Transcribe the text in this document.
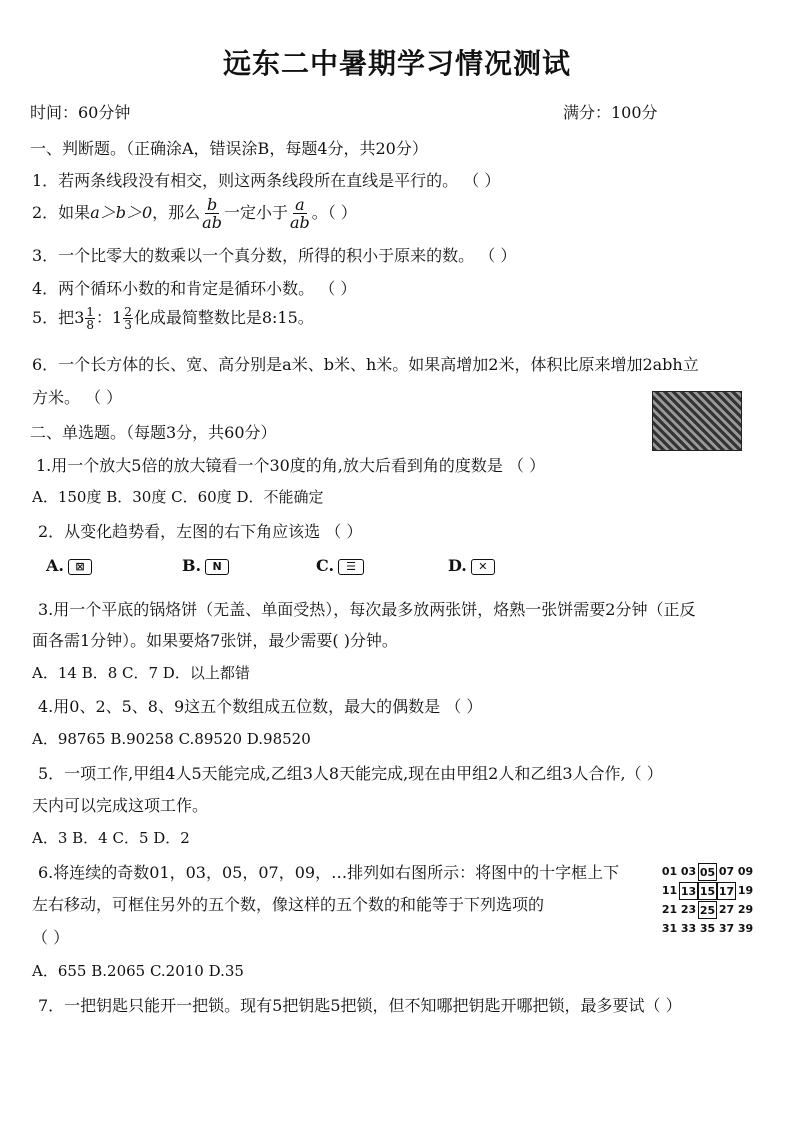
远东二中暑期学习情况测试
时间：60分钟	满分：100分
一、判断题。（正确涂A，错误涂B，每题4分，共20分）
1．若两条线段没有相交，则这两条线段所在直线是平行的。 （ ）
2．如果a＞b＞0，那么 $\frac{b}{ab}$ 一定小于 $\frac{a}{ab}$ 。（ ）
3．一个比零大的数乘以一个真分数，所得的积小于原来的数。 （ ）
4．两个循环小数的和肯定是循环小数。 （ ）
5．把$3 \frac{1}{8}$ ：$1 \frac{2}{3}$ 化成最简整数比是8:15。
6．一个长方体的长、宽、高分别是a米、b米、h米。如果高增加2米，体积比原来增加2abh立
方米。 （ ）
二、单选题。（每题3分，共60分）
1.用一个放大5倍的放大镜看一个30度的角,放大后看到角的度数是 （ ）
A．150度 B．30度 C．60度 D．不能确定
2．从变化趋势看，左图的右下角应该选 （ ）
A. ⊠	B. N	C. ☰	D. ✕
3.用一个平底的锅烙饼（无盖、单面受热），每次最多放两张饼，烙熟一张饼需要2分钟（正反
面各需1分钟）。如果要烙7张饼，最少需要( )分钟。
A．14 B．8 C．7 D．以上都错
4.用0、2、5、8、9这五个数组成五位数，最大的偶数是 （ ）
A．98765 B.90258 C.89520 D.98520
5．一项工作,甲组4人5天能完成,乙组3人8天能完成,现在由甲组2人和乙组3人合作,（ ）
天内可以完成这项工作。
A．3 B．4 C．5 D．2
6.将连续的奇数01，03，05，07，09，…排列如右图所示：将图中的十字框上下
左右移动，可框住另外的五个数，像这样的五个数的和能等于下列选项的
（ ）
A．655 B.2065 C.2010 D.35
01 03 05 07 09
11 13 15 17 19
21 23 25 27 29
31 33 35 37 39
7．一把钥匙只能开一把锁。现有5把钥匙5把锁，但不知哪把钥匙开哪把锁，最多要试（ ）
